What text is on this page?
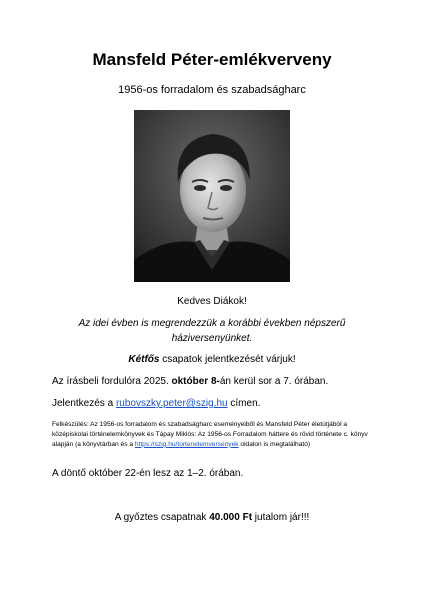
Mansfeld Péter-emlékverveny
1956-os forradalom és szabadságharc
Kedves Diákok!
Az idei évben is megrendezzük a korábbi években népszerű háziversenyünket.
Kétfős csapatok jelentkezését várjuk!
Az írásbeli fordulóra 2025. október 8-án kerül sor a 7. órában.
Jelentkezés a rubovszky.peter@szig.hu címen.
Felkészülés: Az 1956-os forradalom és szabadságharc eseményeiből és Mansfeld Péter életútjából a középiskolai történelemkönyvek és Tápay Miklós: Az 1956-os Forradalom háttere és rövid története c. könyv alapján (a könyvtárban és a https://szig.hu/tortenelemversenyek oldalon is megtalálható)
A döntő október 22-én lesz az 1–2. órában.
A győztes csapatnak 40.000 Ft jutalom jár!!!
